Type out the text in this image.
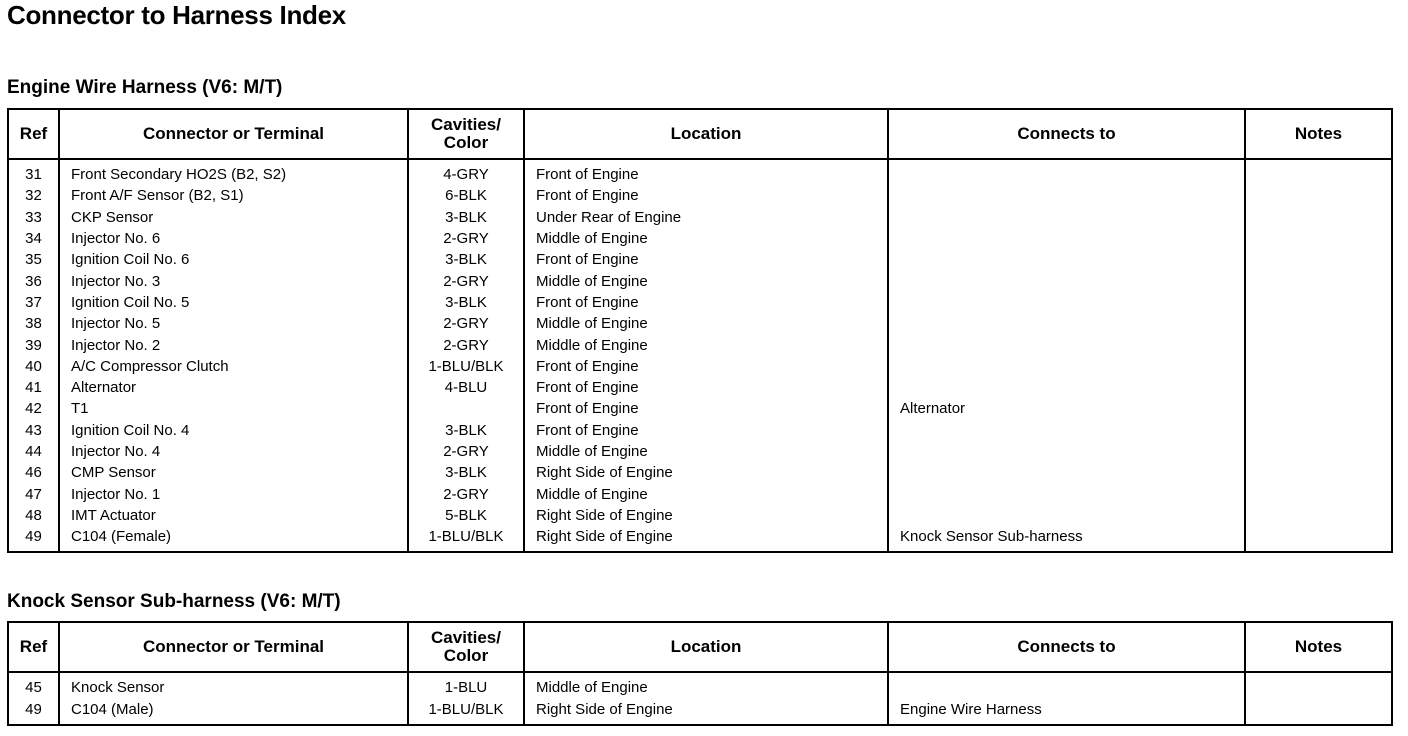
Connector to Harness Index
Engine Wire Harness (V6: M/T)
Ref	Connector or Terminal	Cavities/
Color	Location	Connects to	Notes
31	Front Secondary HO2S (B2, S2)	4-GRY	Front of Engine		
32	Front A/F Sensor (B2, S1)	6-BLK	Front of Engine		
33	CKP Sensor	3-BLK	Under Rear of Engine		
34	Injector No. 6	2-GRY	Middle of Engine		
35	Ignition Coil No. 6	3-BLK	Front of Engine		
36	Injector No. 3	2-GRY	Middle of Engine		
37	Ignition Coil No. 5	3-BLK	Front of Engine		
38	Injector No. 5	2-GRY	Middle of Engine		
39	Injector No. 2	2-GRY	Middle of Engine		
40	A/C Compressor Clutch	1-BLU/BLK	Front of Engine		
41	Alternator	4-BLU	Front of Engine		
42	T1		Front of Engine	Alternator	
43	Ignition Coil No. 4	3-BLK	Front of Engine		
44	Injector No. 4	2-GRY	Middle of Engine		
46	CMP Sensor	3-BLK	Right Side of Engine		
47	Injector No. 1	2-GRY	Middle of Engine		
48	IMT Actuator	5-BLK	Right Side of Engine		
49	C104 (Female)	1-BLU/BLK	Right Side of Engine	Knock Sensor Sub-harness	
Knock Sensor Sub-harness (V6: M/T)
Ref	Connector or Terminal	Cavities/
Color	Location	Connects to	Notes
45	Knock Sensor	1-BLU	Middle of Engine		
49	C104 (Male)	1-BLU/BLK	Right Side of Engine	Engine Wire Harness	
